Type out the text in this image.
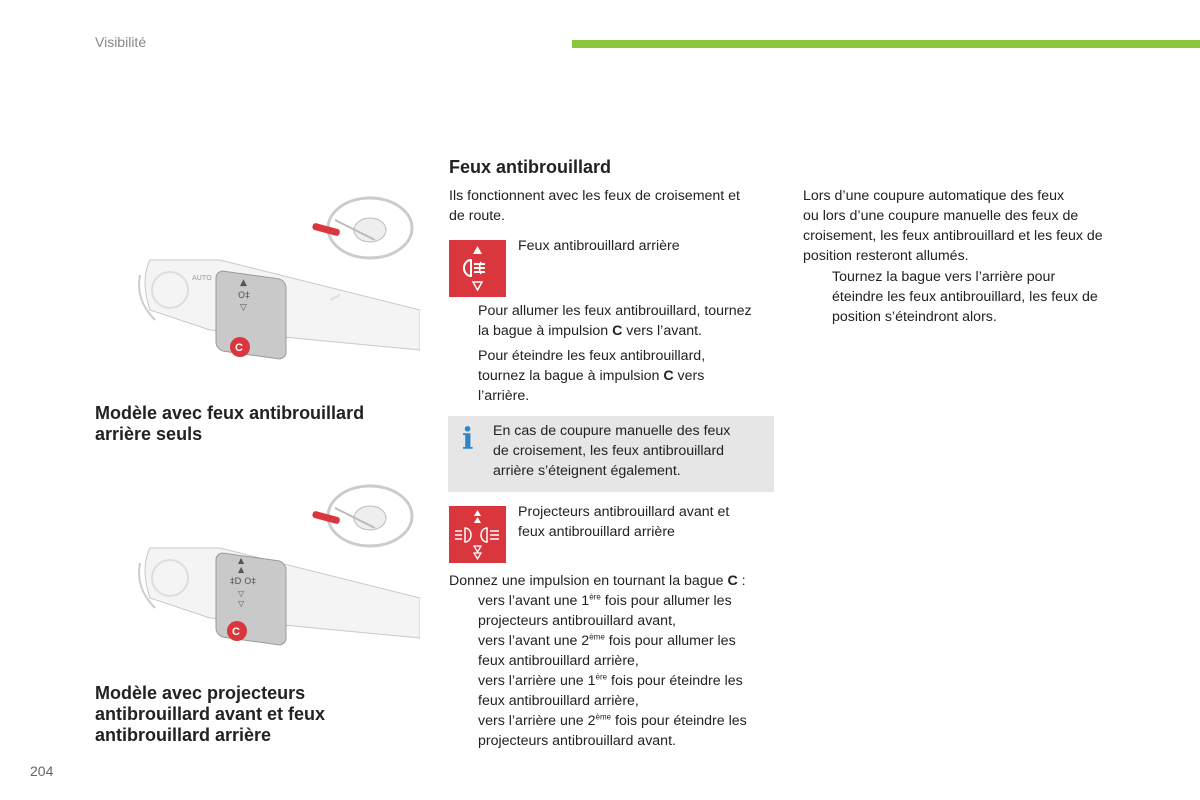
Visibilité
▲
O‡
▽
AUTO
C
Modèle avec feux antibrouillard
arrière seuls
▲
▲
‡D O‡
▽
▽
C
Modèle avec projecteurs
antibrouillard avant et feux
antibrouillard arrière
Feux antibrouillard
Ils fonctionnent avec les feux de croisement et
de route.
Feux antibrouillard arrière
Pour allumer les feux antibrouillard, tournez
la bague à impulsion C vers l’avant.
Pour éteindre les feux antibrouillard,
tournez la bague à impulsion C vers
l’arrière.
i En cas de coupure manuelle des feux
de croisement, les feux antibrouillard
arrière s’éteignent également.
Projecteurs antibrouillard avant et
feux antibrouillard arrière
Donnez une impulsion en tournant la bague C :
vers l’avant une 1ère fois pour allumer les
projecteurs antibrouillard avant,
vers l’avant une 2ème fois pour allumer les
feux antibrouillard arrière,
vers l’arrière une 1ère fois pour éteindre les
feux antibrouillard arrière,
vers l’arrière une 2ème fois pour éteindre les
projecteurs antibrouillard avant.
Lors d’une coupure automatique des feux
ou lors d’une coupure manuelle des feux de
croisement, les feux antibrouillard et les feux de
position resteront allumés.
Tournez la bague vers l’arrière pour
éteindre les feux antibrouillard, les feux de
position s’éteindront alors.
204
